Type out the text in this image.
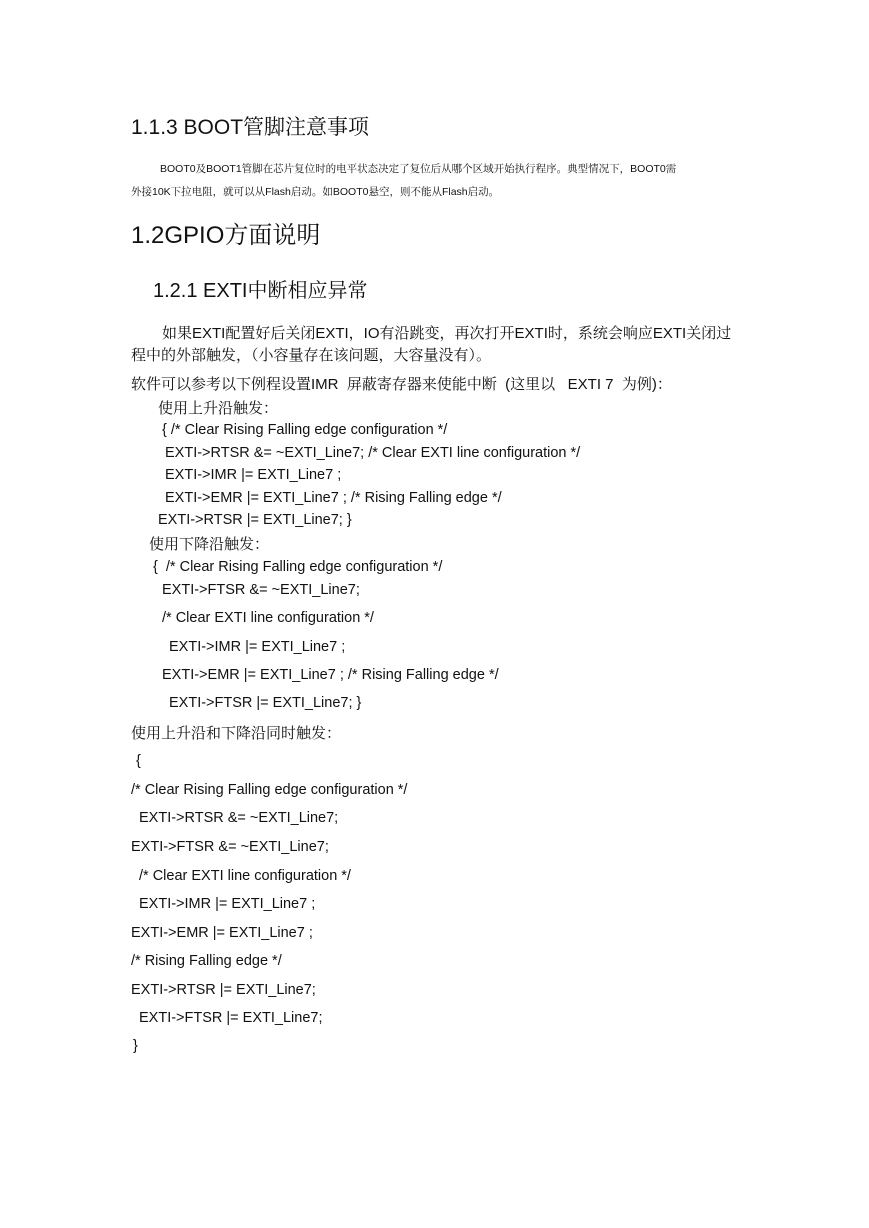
1.1.3 BOOT管脚注意事项
BOOT0及BOOT1管脚在芯片复位时的电平状态决定了复位后从哪个区域开始执行程序。典型情况下，BOOT0需
外接10K下拉电阻，就可以从Flash启动。如BOOT0悬空，则不能从Flash启动。
1.2GPIO方面说明
1.2.1 EXTI中断相应异常
如果EXTI配置好后关闭EXTI，IO有沿跳变，再次打开EXTI时，系统会响应EXTI关闭过
程中的外部触发，（小容量存在该问题，大容量没有）。
软件可以参考以下例程设置IMR  屏蔽寄存器来使能中断  (这里以   EXTI 7  为例)：
使用上升沿触发：
{ /* Clear Rising Falling edge configuration */
EXTI->RTSR &= ~EXTI_Line7; /* Clear EXTI line configuration */
EXTI->IMR |= EXTI_Line7 ;
EXTI->EMR |= EXTI_Line7 ; /* Rising Falling edge */
EXTI->RTSR |= EXTI_Line7; }
使用下降沿触发：
{  /* Clear Rising Falling edge configuration */
EXTI->FTSR &= ~EXTI_Line7;
/* Clear EXTI line configuration */
EXTI->IMR |= EXTI_Line7 ;
EXTI->EMR |= EXTI_Line7 ; /* Rising Falling edge */
EXTI->FTSR |= EXTI_Line7; }
使用上升沿和下降沿同时触发：
{
/* Clear Rising Falling edge configuration */
EXTI->RTSR &= ~EXTI_Line7;
EXTI->FTSR &= ~EXTI_Line7;
/* Clear EXTI line configuration */
EXTI->IMR |= EXTI_Line7 ;
EXTI->EMR |= EXTI_Line7 ;
/* Rising Falling edge */
EXTI->RTSR |= EXTI_Line7;
EXTI->FTSR |= EXTI_Line7;
}
